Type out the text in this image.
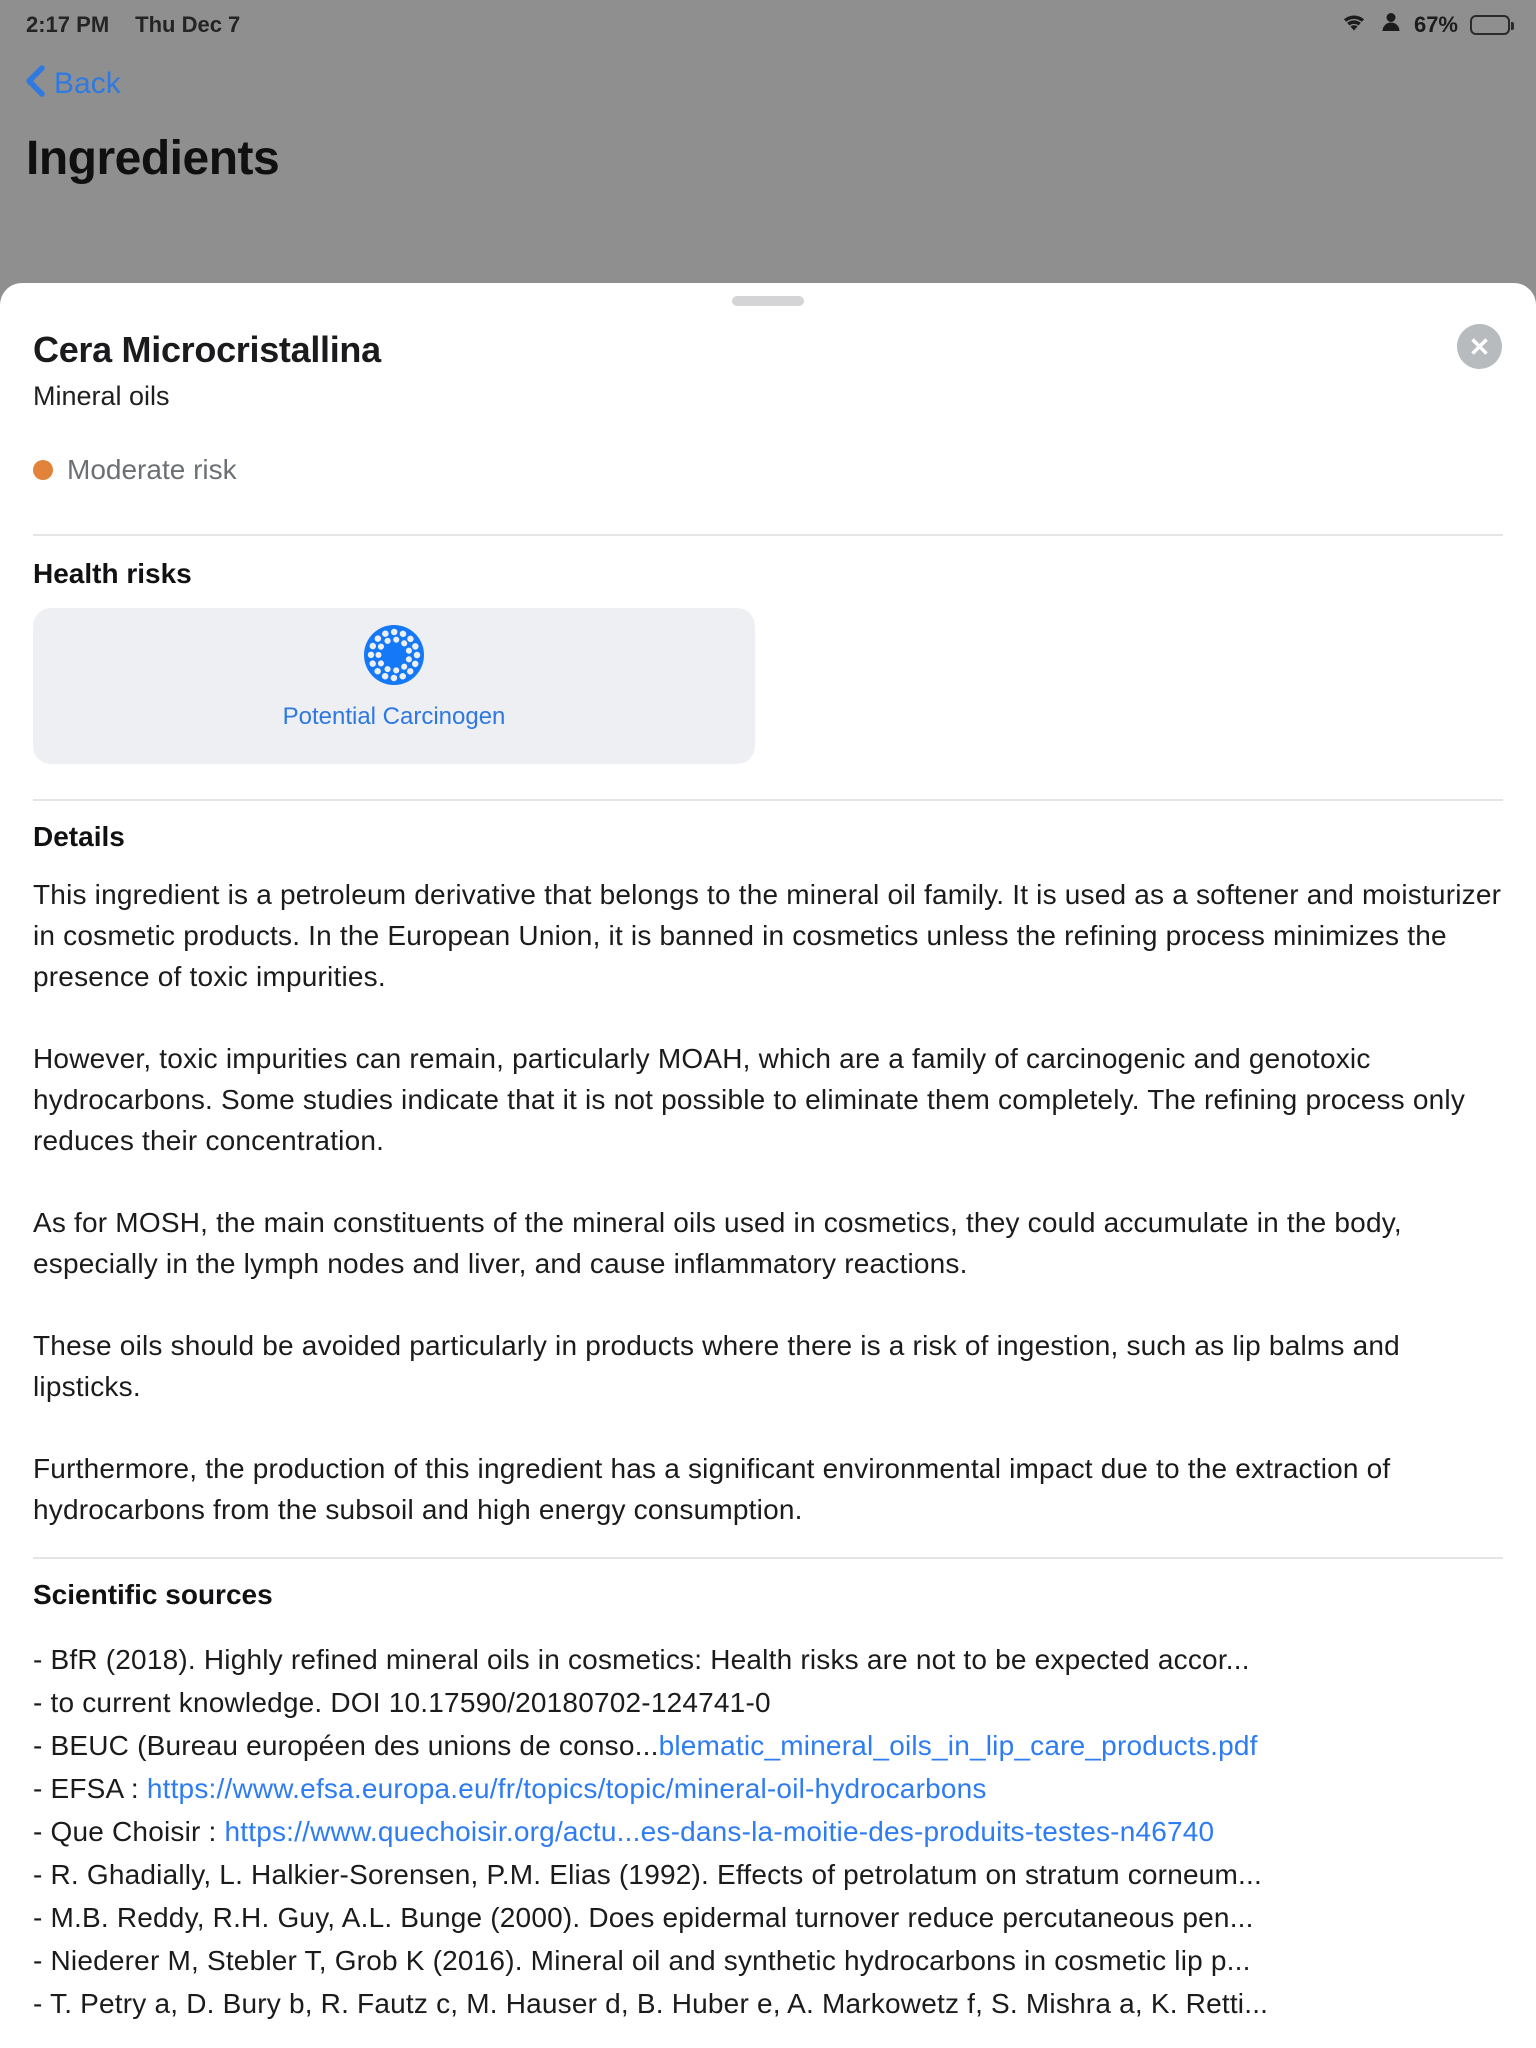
2:17 PM Thu Dec 7	67%
Back
Ingredients
✕
Cera Microcristallina
Mineral oils
Moderate risk
Health risks
Potential Carcinogen
Details

This ingredient is a petroleum derivative that belongs to the mineral oil family. It is used as a softener and moisturizer in cosmetic products. In the European Union, it is banned in cosmetics unless the refining process minimizes the presence of toxic impurities.

However, toxic impurities can remain, particularly MOAH, which are a family of carcinogenic and genotoxic hydrocarbons. Some studies indicate that it is not possible to eliminate them completely. The refining process only reduces their concentration.

As for MOSH, the main constituents of the mineral oils used in cosmetics, they could accumulate in the body, especially in the lymph nodes and liver, and cause inflammatory reactions.

These oils should be avoided particularly in products where there is a risk of ingestion, such as lip balms and lipsticks.

Furthermore, the production of this ingredient has a significant environmental impact due to the extraction of hydrocarbons from the subsoil and high energy consumption.

Scientific sources
- BfR (2018). Highly refined mineral oils in cosmetics: Health risks are not to be expected accor...
- to current knowledge. DOI 10.17590/20180702-124741-0
- BEUC (Bureau européen des unions de conso...blematic_mineral_oils_in_lip_care_products.pdf
- EFSA : https://www.efsa.europa.eu/fr/topics/topic/mineral-oil-hydrocarbons
- Que Choisir : https://www.quechoisir.org/actu...es-dans-la-moitie-des-produits-testes-n46740
- R. Ghadially, L. Halkier-Sorensen, P.M. Elias (1992). Effects of petrolatum on stratum corneum...
- M.B. Reddy, R.H. Guy, A.L. Bunge (2000). Does epidermal turnover reduce percutaneous pen...
- Niederer M, Stebler T, Grob K (2016). Mineral oil and synthetic hydrocarbons in cosmetic lip p...
- T. Petry a, D. Bury b, R. Fautz c, M. Hauser d, B. Huber e, A. Markowetz f, S. Mishra a, K. Retti...
